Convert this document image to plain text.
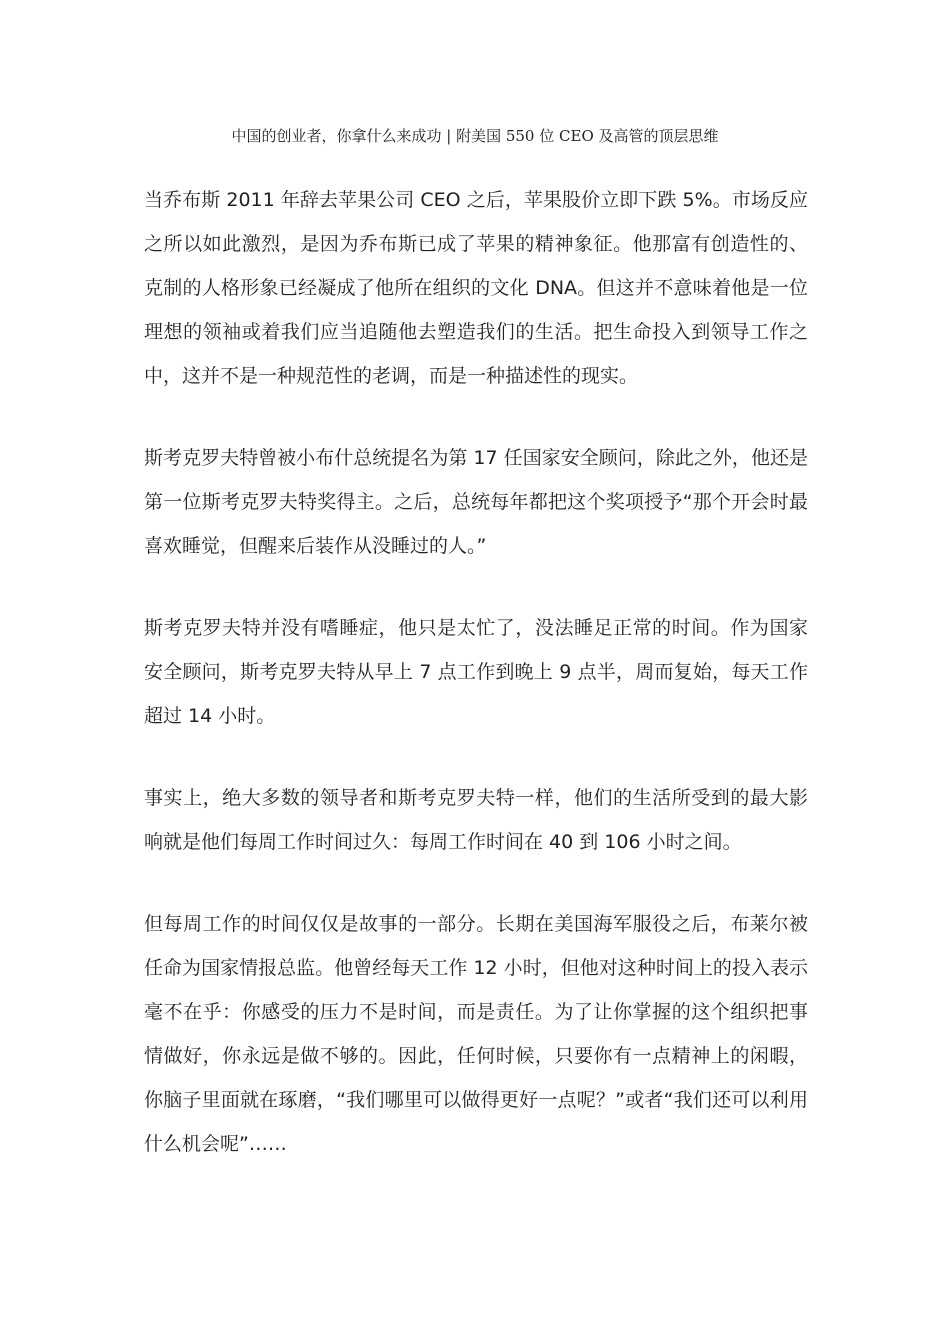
中国的创业者，你拿什么来成功 | 附美国 550 位 CEO 及高管的顶层思维

当乔布斯 2011 年辞去苹果公司 CEO 之后，苹果股价立即下跌 5%。市场反应之所以如此激烈，是因为乔布斯已成了苹果的精神象征。他那富有创造性的、克制的人格形象已经凝成了他所在组织的文化 DNA。但这并不意味着他是一位理想的领袖或着我们应当追随他去塑造我们的生活。把生命投入到领导工作之中，这并不是一种规范性的老调，而是一种描述性的现实。

斯考克罗夫特曾被小布什总统提名为第 17 任国家安全顾问，除此之外，他还是第一位斯考克罗夫特奖得主。之后，总统每年都把这个奖项授予“那个开会时最喜欢睡觉，但醒来后装作从没睡过的人。”

斯考克罗夫特并没有嗜睡症，他只是太忙了，没法睡足正常的时间。作为国家安全顾问，斯考克罗夫特从早上 7 点工作到晚上 9 点半，周而复始，每天工作超过 14 小时。

事实上，绝大多数的领导者和斯考克罗夫特一样，他们的生活所受到的最大影响就是他们每周工作时间过久：每周工作时间在 40 到 106 小时之间。

但每周工作的时间仅仅是故事的一部分。长期在美国海军服役之后，布莱尔被任命为国家情报总监。他曾经每天工作 12 小时，但他对这种时间上的投入表示毫不在乎：你感受的压力不是时间，而是责任。为了让你掌握的这个组织把事情做好，你永远是做不够的。因此，任何时候，只要你有一点精神上的闲暇，你脑子里面就在琢磨，“我们哪里可以做得更好一点呢？”或者“我们还可以利用什么机会呢”……
